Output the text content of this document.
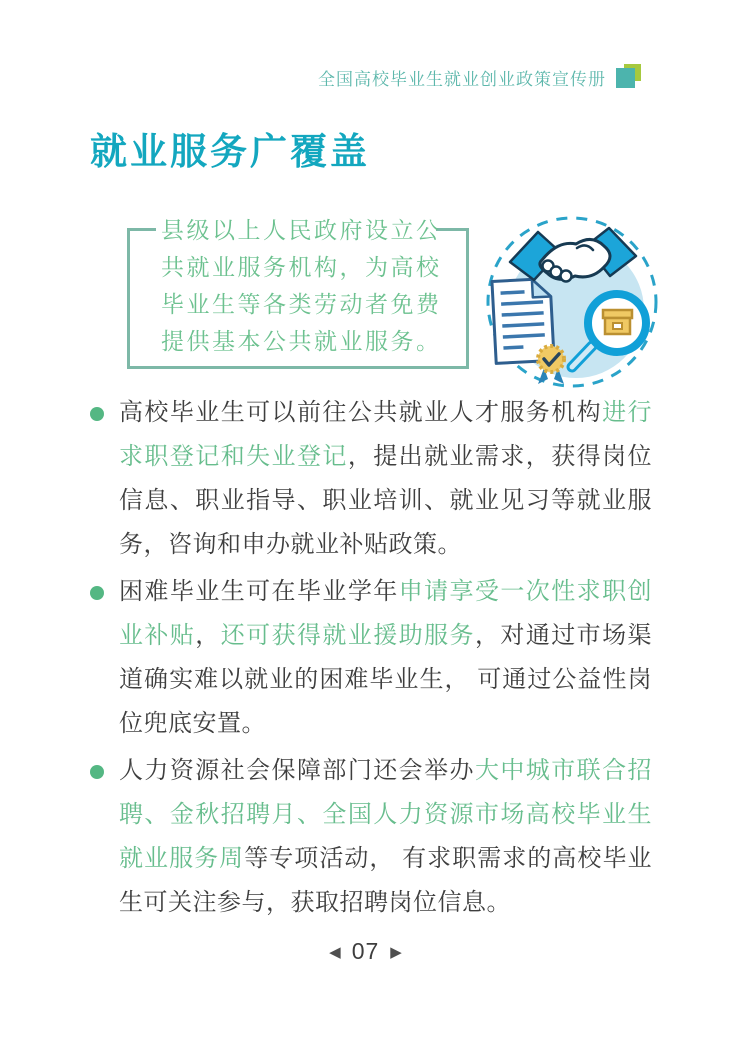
全国高校毕业生就业创业政策宣传册
就业服务广覆盖
县级以上人民政府设立公共就业服务机构，为高校毕业生等各类劳动者免费提供基本公共就业服务。
高校毕业生可以前往公共就业人才服务机构进行求职登记和失业登记，提出就业需求，获得岗位信息、职业指导、职业培训、就业见习等就业服务，咨询和申办就业补贴政策。
困难毕业生可在毕业学年申请享受一次性求职创业补贴，还可获得就业援助服务，对通过市场渠道确实难以就业的困难毕业生， 可通过公益性岗位兜底安置。
人力资源社会保障部门还会举办大中城市联合招聘、金秋招聘月、全国人力资源市场高校毕业生就业服务周等专项活动， 有求职需求的高校毕业生可关注参与，获取招聘岗位信息。
◀ 07 ▶
